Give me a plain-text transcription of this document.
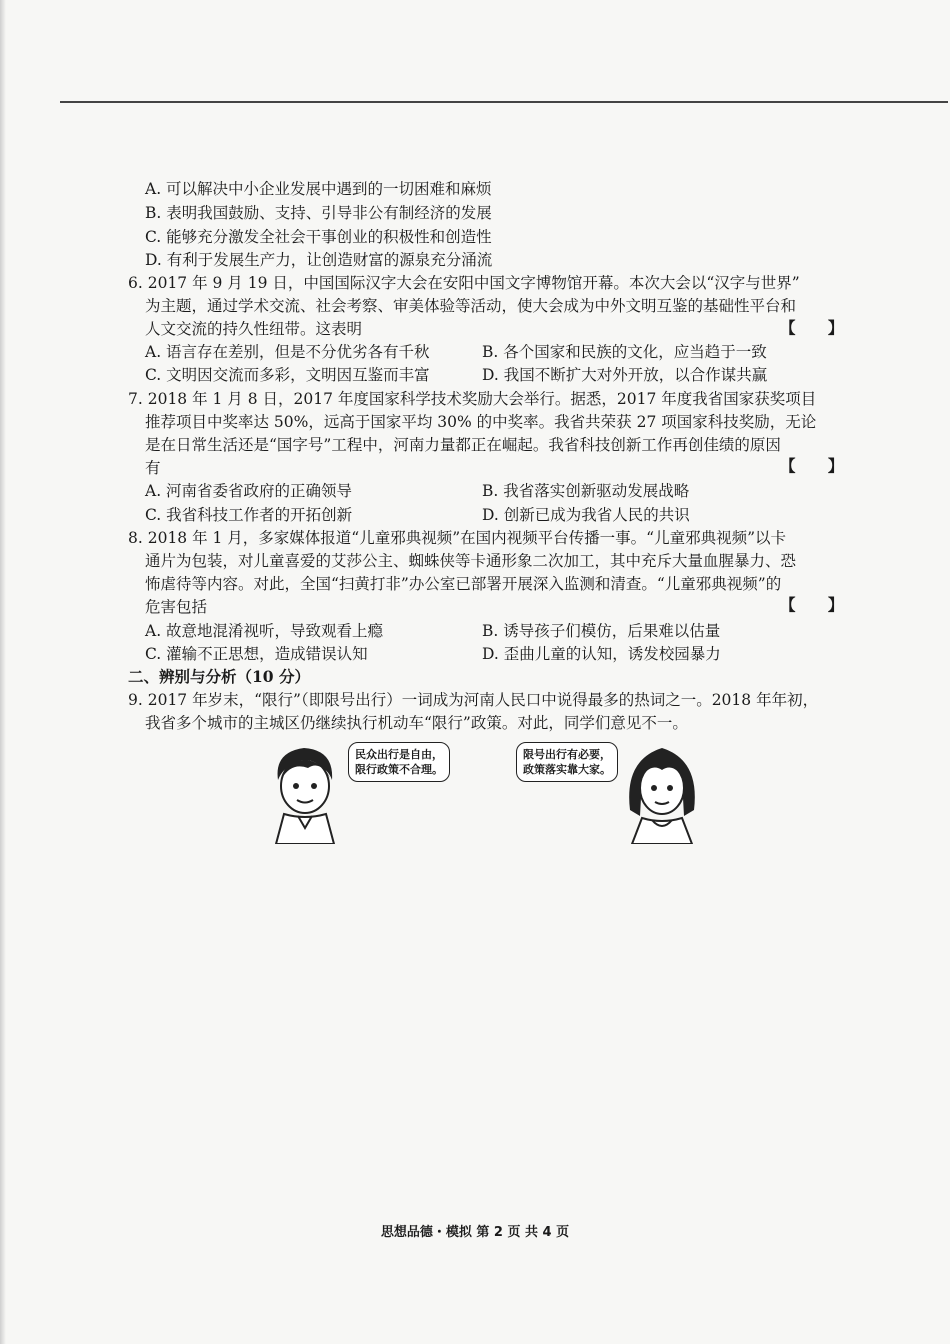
A. 可以解决中小企业发展中遇到的一切困难和麻烦
B. 表明我国鼓励、支持、引导非公有制经济的发展
C. 能够充分激发全社会干事创业的积极性和创造性
D. 有利于发展生产力，让创造财富的源泉充分涌流
6. 2017 年 9 月 19 日，中国国际汉字大会在安阳中国文字博物馆开幕。本次大会以“汉字与世界”
为主题，通过学术交流、社会考察、审美体验等活动，使大会成为中外文明互鉴的基础性平台和
人文交流的持久性纽带。这表明	【      】
A. 语言存在差别，但是不分优劣各有千秋	B. 各个国家和民族的文化，应当趋于一致
C. 文明因交流而多彩，文明因互鉴而丰富	D. 我国不断扩大对外开放，以合作谋共赢
7. 2018 年 1 月 8 日，2017 年度国家科学技术奖励大会举行。据悉，2017 年度我省国家获奖项目
推荐项目中奖率达 50%，远高于国家平均 30% 的中奖率。我省共荣获 27 项国家科技奖励，无论
是在日常生活还是“国字号”工程中，河南力量都正在崛起。我省科技创新工作再创佳绩的原因
有	【      】
A. 河南省委省政府的正确领导	B. 我省落实创新驱动发展战略
C. 我省科技工作者的开拓创新	D. 创新已成为我省人民的共识
8. 2018 年 1 月，多家媒体报道“儿童邪典视频”在国内视频平台传播一事。“儿童邪典视频”以卡
通片为包装，对儿童喜爱的艾莎公主、蜘蛛侠等卡通形象二次加工，其中充斥大量血腥暴力、恐
怖虐待等内容。对此，全国“扫黄打非”办公室已部署开展深入监测和清查。“儿童邪典视频”的
危害包括	【      】
A. 故意地混淆视听，导致观看上瘾	B. 诱导孩子们模仿，后果难以估量
C. 灌输不正思想，造成错误认知	D. 歪曲儿童的认知，诱发校园暴力
二、辨别与分析（10 分）
9. 2017 年岁末，“限行”（即限号出行）一词成为河南人民口中说得最多的热词之一。2018 年年初，
我省多个城市的主城区仍继续执行机动车“限行”政策。对此，同学们意见不一。
民众出行是自由，
限行政策不合理。
限号出行有必要，
政策落实靠大家。
思想品德・模拟 第 2 页 共 4 页
